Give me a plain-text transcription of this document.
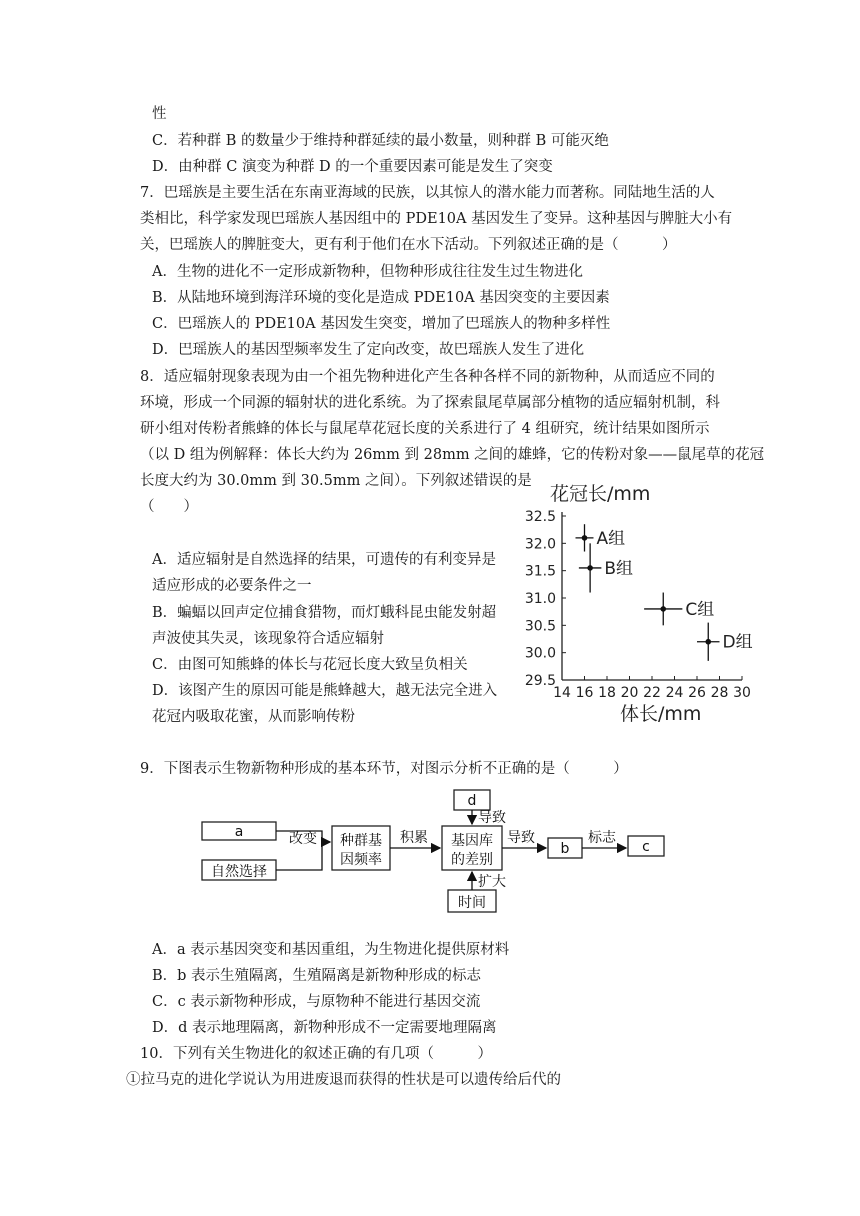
性
C．若种群 B 的数量少于维持种群延续的最小数量，则种群 B 可能灭绝
D．由种群 C 演变为种群 D 的一个重要因素可能是发生了突变
7．巴瑶族是主要生活在东南亚海域的民族，以其惊人的潜水能力而著称。同陆地生活的人
类相比，科学家发现巴瑶族人基因组中的 PDE10A 基因发生了变异。这种基因与脾脏大小有
关，巴瑶族人的脾脏变大，更有利于他们在水下活动。下列叙述正确的是（　　　）
A．生物的进化不一定形成新物种，但物种形成往往发生过生物进化
B．从陆地环境到海洋环境的变化是造成 PDE10A 基因突变的主要因素
C．巴瑶族人的 PDE10A 基因发生突变，增加了巴瑶族人的物种多样性
D．巴瑶族人的基因型频率发生了定向改变，故巴瑶族人发生了进化
8．适应辐射现象表现为由一个祖先物种进化产生各种各样不同的新物种，从而适应不同的
环境，形成一个同源的辐射状的进化系统。为了探索鼠尾草属部分植物的适应辐射机制，科
研小组对传粉者熊蜂的体长与鼠尾草花冠长度的关系进行了 4 组研究，统计结果如图所示
（以 D 组为例解释：体长大约为 26mm 到 28mm 之间的雄蜂，它的传粉对象——鼠尾草的花冠
长度大约为 30.0mm 到 30.5mm 之间）。下列叙述错误的是
（　　）
A．适应辐射是自然选择的结果，可遗传的有利变异是
适应形成的必要条件之一
B．蝙蝠以回声定位捕食猎物，而灯蛾科昆虫能发射超
声波使其失灵，该现象符合适应辐射
C．由图可知熊蜂的体长与花冠长度大致呈负相关
D．该图产生的原因可能是熊蜂越大，越无法完全进入
花冠内吸取花蜜，从而影响传粉
9．下图表示生物新物种形成的基本环节，对图示分析不正确的是（　　　）
A．a 表示基因突变和基因重组，为生物进化提供原材料
B．b 表示生殖隔离，生殖隔离是新物种形成的标志
C．c 表示新物种形成，与原物种不能进行基因交流
D．d 表示地理隔离，新物种形成不一定需要地理隔离
10．下列有关生物进化的叙述正确的有几项（　　　）
①拉马克的进化学说认为用进废退而获得的性状是可以遗传给后代的
花冠长/mm
体长/mm
29.5
30.0
30.5
31.0
31.5
32.0
32.5
14 16 18 20 22 24 26 28 30
A组
B组
C组
D组
a
自然选择
种群基
因频率
基因库
的差别
d
时间
b	c
改变	积累
导致
导致	标志
扩大
